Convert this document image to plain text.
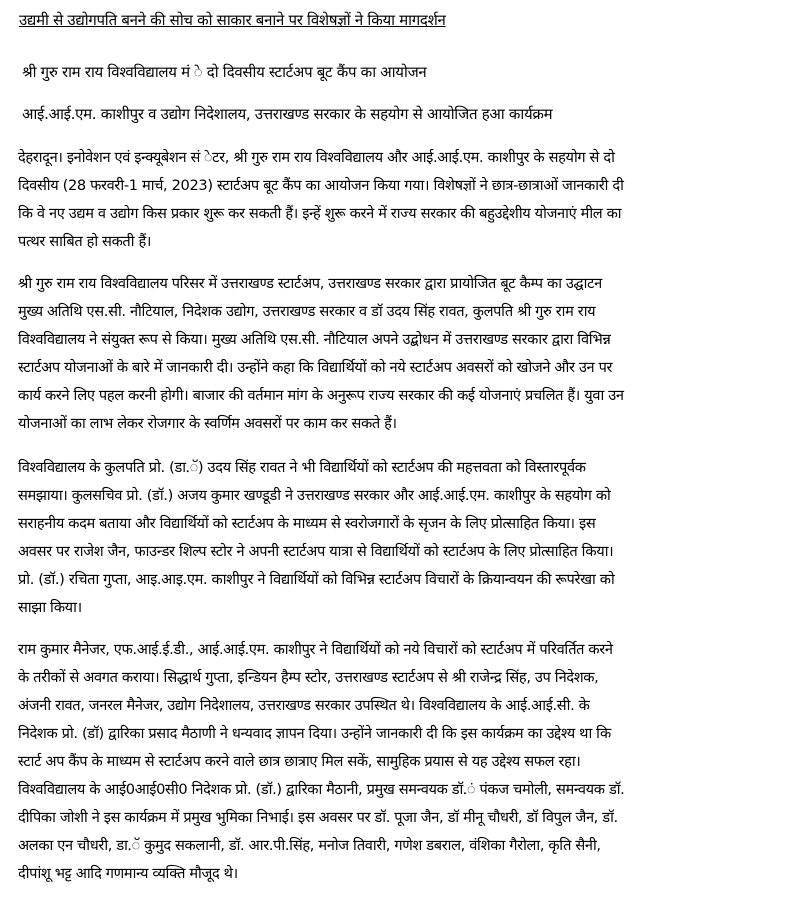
उद्यमी से उद्योगपति बनने की सोच को साकार बनाने पर विशेषज्ञों ने किया मागदर्शन
श्री गुरु राम राय विश्वविद्यालय मं े दो दिवसीय स्टार्टअप बूट कैंप का आयोजन
आई.आई.एम. काशीपुर व उद्योग निदेशालय, उत्तराखण्ड सरकार के सहयोग से आयोजित हआ कार्यक्रम

देहरादून। इनोवेशन एवं इन्क्यूबेशन सं ेटर, श्री गुरु राम राय विश्वविद्यालय और आई.आई.एम. काशीपुर के सहयोग से दो
दिवसीय (28 फरवरी-1 मार्च, 2023) स्टार्टअप बूट कैंप का आयोजन किया गया। विशेषज्ञों ने छात्र-छात्राओं जानकारी दी
कि वे नए उद्यम व उद्योग किस प्रकार शुरू कर सकती हैं। इन्हें शुरू करने में राज्य सरकार की बहुउद्देशीय योजनाएं मील का
पत्थर साबित हो सकती हैं।

श्री गुरु राम राय विश्वविद्यालय परिसर में उत्तराखण्ड स्टार्टअप, उत्तराखण्ड सरकार द्वारा प्रायोजित बूट कैम्प का उद्घाटन
मुख्य अतिथि एस.सी. नौटियाल, निदेशक उद्योग, उत्तराखण्ड सरकार व डॉ उदय सिंह रावत, कुलपति श्री गुरु राम राय
विश्वविद्यालय ने संयुक्त रूप से किया। मुख्य अतिथि एस.सी. नौटियाल अपने उद्बोधन में उत्तराखण्ड सरकार द्वारा विभिन्न
स्टार्टअप योजनाओं के बारे में जानकारी दी। उन्होंने कहा कि विद्यार्थियों को नये स्टार्टअप अवसरों को खोजने और उन पर
कार्य करने लिए पहल करनी होगी। बाजार की वर्तमान मांग के अनुरूप राज्य सरकार की कई योजनाएं प्रचलित हैं। युवा उन
योजनाओं का लाभ लेकर रोजगार के स्वर्णिम अवसरों पर काम कर सकते हैं।

विश्वविद्यालय के कुलपति प्रो. (डा.ॅ) उदय सिंह रावत ने भी विद्यार्थियों को स्टार्टअप की महत्तवता को विस्तारपूर्वक
समझाया। कुलसचिव प्रो. (डॉ.) अजय कुमार खण्डूडी ने उत्तराखण्ड सरकार और आई.आई.एम. काशीपुर के सहयोग को
सराहनीय कदम बताया और विद्यार्थियों को स्टार्टअप के माध्यम से स्वरोजगारों के सृजन के लिए प्रोत्साहित किया। इस
अवसर पर राजेश जैन, फाउन्डर शिल्प स्टोर ने अपनी स्टार्टअप यात्रा से विद्यार्थियों को स्टार्टअप के लिए प्रोत्साहित किया।
प्रो. (डॉ.) रचिता गुप्ता, आइ.आइ.एम. काशीपुर ने विद्यार्थियों को विभिन्न स्टार्टअप विचारों के क्रियान्वयन की रूपरेखा को
साझा किया।

राम कुमार मैनेजर, एफ.आई.ई.डी., आई.आई.एम. काशीपुर ने विद्यार्थियों को नये विचारों को स्टार्टअप में परिवर्तित करने
के तरीकों से अवगत कराया। सिद्धार्थ गुप्ता, इन्डियन हैम्प स्टोर, उत्तराखण्ड स्टार्टअप से श्री राजेन्द्र सिंह, उप निदेशक,
अंजनी रावत, जनरल मैनेजर, उद्योग निदेशालय, उत्तराखण्ड सरकार उपस्थित थे। विश्वविद्यालय के आई.आई.सी. के
निदेशक प्रो. (डॉ) द्वारिका प्रसाद मैठाणी ने धन्यवाद ज्ञापन दिया। उन्होंने जानकारी दी कि इस कार्यक्रम का उद्देश्य था कि
स्टार्ट अप कैंप के माध्यम से स्टार्टअप करने वाले छात्र छात्राए मिल सकें, सामुहिक प्रयास से यह उद्देश्य सफल रहा।
विश्वविद्यालय के आई0आई0सी0 निदेशक प्रो. (डॉ.) द्वारिका मैठानी, प्रमुख समन्वयक डॉ.ं पंकज चमोली, समन्वयक डॉ.
दीपिका जोशी ने इस कार्यक्रम में प्रमुख भुमिका निभाई। इस अवसर पर डॉ. पूजा जैन, डॉ मीनू चौधरी, डॉ विपुल जैन, डॉ.
अलका एन चौधरी, डा.ॅ कुमुद सकलानी, डॉ. आर.पी.सिंह, मनोज तिवारी, गणेश डबराल, वंशिका गैरोला, कृति सैनी,
दीपांशू भट्ट आदि गणमान्य व्यक्ति मौजूद थे।
